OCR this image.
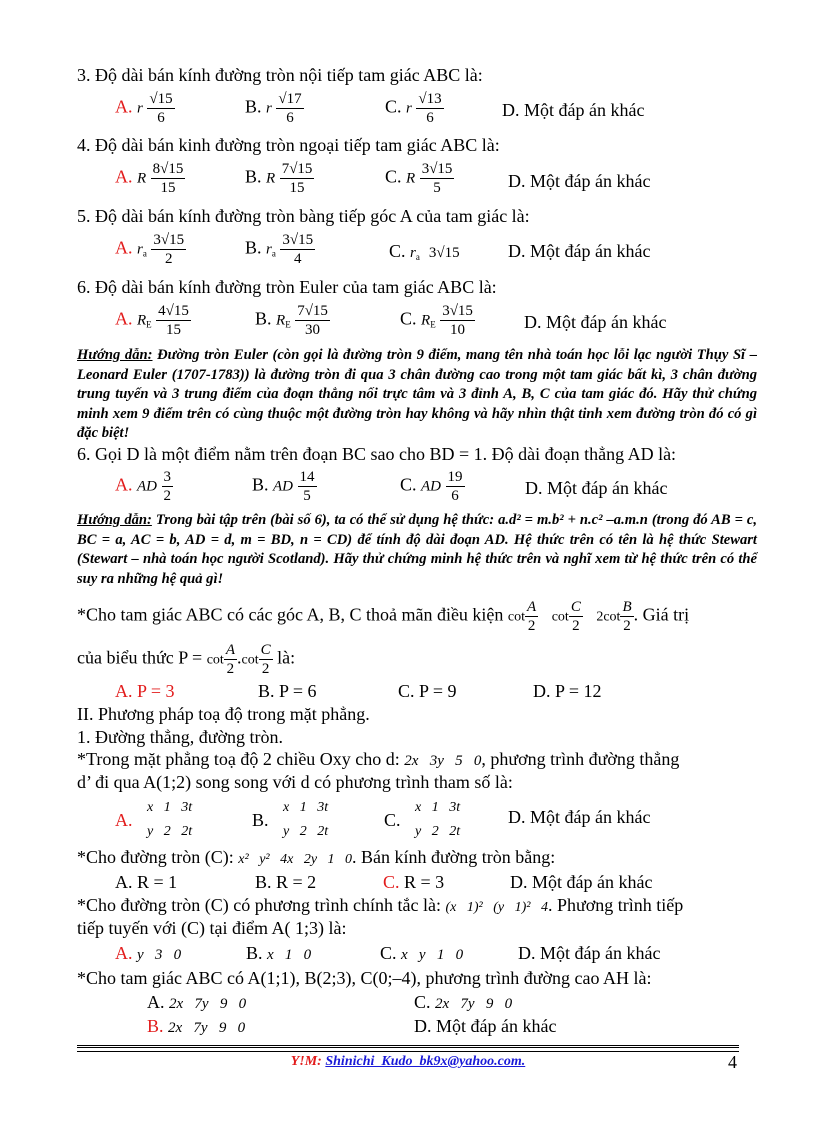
3. Độ dài bán kính đường tròn nội tiếp tam giác ABC là:
A. r $\frac{√15}{6}$	B. r $\frac{√17}{6}$	C. r $\frac{√13}{6}$	D. Một đáp án khác
4. Độ dài bán kinh đường tròn ngoại tiếp tam giác ABC là:
A. R $\frac{8√15}{15}$	B. R $\frac{7√15}{15}$	C. R $\frac{3√15}{5}$	D. Một đáp án khác
5. Độ dài bán kính đường tròn bàng tiếp góc A của tam giác là:
A. $r_a \frac{3√15}{2}$	B. $r_a \frac{3√15}{4}$	C. $r_a$ 3√15	D. Một đáp án khác
6. Độ dài bán kính đường tròn Euler của tam giác ABC là:
A. $R_E \frac{4√15}{15}$	B. $R_E \frac{7√15}{30}$	C. $R_E \frac{3√15}{10}$	D. Một đáp án khác
Hướng dẫn: Đường tròn Euler (còn gọi là đường tròn 9 điểm, mang tên nhà toán học lỗi lạc người Thụy Sĩ – Leonard Euler (1707-1783)) là đường tròn đi qua 3 chân đường cao trong một tam giác bất kì, 3 chân đường trung tuyến và 3 trung điểm của đoạn thẳng nối trực tâm và 3 đỉnh A, B, C của tam giác đó. Hãy thử chứng minh xem 9 điểm trên có cùng thuộc một đường tròn hay không và hãy nhìn thật tinh xem đường tròn đó có gì đặc biệt!
6. Gọi D là một điểm nằm trên đoạn BC sao cho BD = 1. Độ dài đoạn thẳng AD là:
A. AD $\frac{3}{2}$	B. AD $\frac{14}{5}$	C. AD $\frac{19}{6}$	D. Một đáp án khác
Hướng dẫn: Trong bài tập trên (bài số 6), ta có thể sử dụng hệ thức: a.d² = m.b² + n.c² –a.m.n (trong đó AB = c, BC = a, AC = b, AD = d, m = BD, n = CD) để tính độ dài đoạn AD. Hệ thức trên có tên là hệ thức Stewart (Stewart – nhà toán học người Scotland). Hãy thử chứng minh hệ thức trên và nghĩ xem từ hệ thức trên có thể suy ra những hệ quả gì!
*Cho tam giác ABC có các góc A, B, C thoả mãn điều kiện $\cot \frac{A}{2}$ $\cot \frac{C}{2} 2\cot \frac{B}{2}$ . Giá trị
của biểu thức $P = \cot \frac{A}{2} .\cot \frac{C}{2}$ là:
A. P = 3	B. P = 6	C. P = 9	D. P = 12
II. Phương pháp toạ độ trong mặt phẳng.
1. Đường thẳng, đường tròn.
*Trong mặt phẳng toạ độ 2 chiều Oxy cho d: 2x   3y   5   0, phương trình đường thẳng
d’ đi qua A(1;2) song song với d có phương trình tham số là:
A.
x   1   3t
y   2   2t
B.
x   1   3t
y   2   2t
C.
x   1   3t
y   2   2t
D. Một đáp án khác
*Cho đường tròn (C): x²   y²   4x   2y   1   0. Bán kính đường tròn bằng:
A. R = 1	B. R = 2	C. R = 3	D. Một đáp án khác
*Cho đường tròn (C) có phương trình chính tắc là: (x   1)²   (y   1)²   4. Phương trình tiếp
tiếp tuyến với (C) tại điểm A( 1;3) là:
A. y   3   0	B. x   1   0	C. x   y   1   0	D. Một đáp án khác
*Cho tam giác ABC có A(1;1), B(2;3), C(0;–4), phương trình đường cao AH là:
A. 2x   7y   9   0	C. 2x   7y   9   0
B. 2x   7y   9   0	D. Một đáp án khác
Y!M: Shinichi_Kudo_bk9x@yahoo.com.	4
